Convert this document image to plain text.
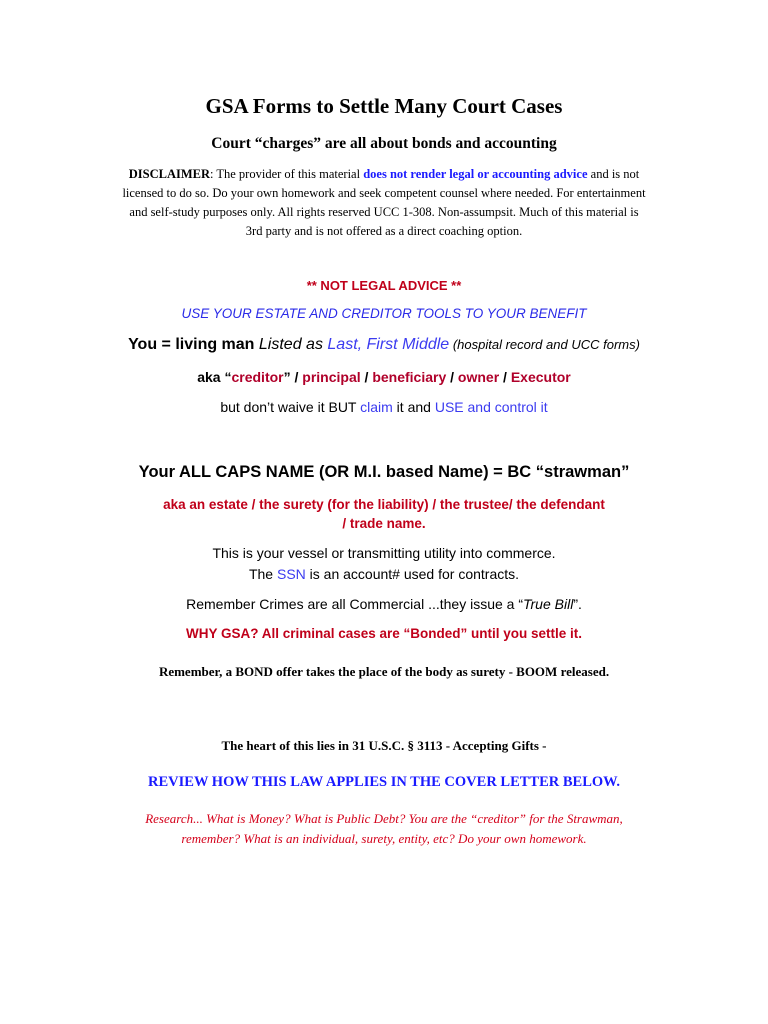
GSA Forms to Settle Many Court Cases
Court “charges” are all about bonds and accounting
DISCLAIMER: The provider of this material does not render legal or accounting advice and is not
licensed to do so. Do your own homework and seek competent counsel where needed. For entertainment
and self-study purposes only. All rights reserved UCC 1-308. Non-assumpsit. Much of this material is
3rd party and is not offered as a direct coaching option.
** NOT LEGAL ADVICE **
USE YOUR ESTATE AND CREDITOR TOOLS TO YOUR BENEFIT
You = living man Listed as Last, First Middle (hospital record and UCC forms)
aka “creditor” / principal / beneficiary / owner / Executor
but don’t waive it BUT claim it and USE and control it
Your ALL CAPS NAME (OR M.I. based Name) = BC “strawman”
aka an estate / the surety (for the liability) / the trustee/ the defendant
/ trade name.
This is your vessel or transmitting utility into commerce.
The SSN is an account# used for contracts.
Remember Crimes are all Commercial ...they issue a “True Bill”.
WHY GSA? All criminal cases are “Bonded” until you settle it.
Remember, a BOND offer takes the place of the body as surety - BOOM released.
The heart of this lies in 31 U.S.C. § 3113 - Accepting Gifts -
REVIEW HOW THIS LAW APPLIES IN THE COVER LETTER BELOW.
Research... What is Money? What is Public Debt? You are the “creditor” for the Strawman,
remember? What is an individual, surety, entity, etc? Do your own homework.
